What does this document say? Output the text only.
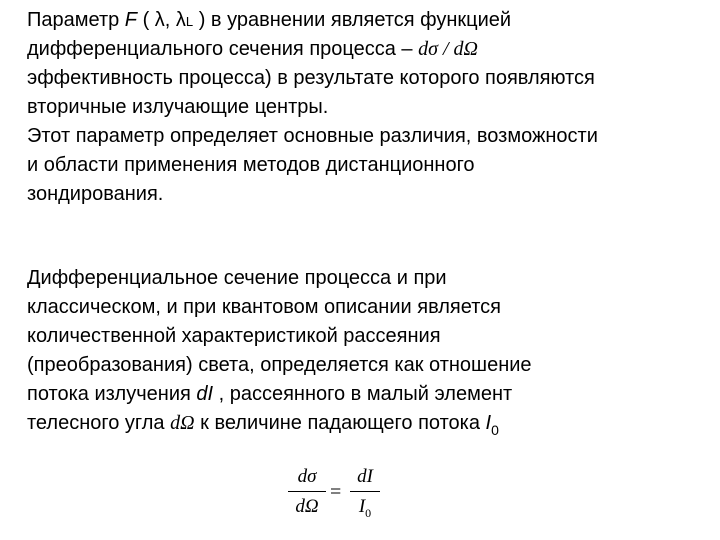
Параметр F ( λ, λL ) в уравнении является функцией
дифференциального сечения процесса – dσ / dΩ
эффективность процесса) в результате которого появляются
вторичные излучающие центры.
Этот параметр определяет основные различия, возможности
и области применения методов дистанционного
зондирования.
Дифференциальное сечение процесса и при
классическом, и при квантовом описании является
количественной характеристикой рассеяния
(преобразования) света, определяется как отношение
потока излучения dI , рассеянного в малый элемент
телесного угла dΩ к величине падающего потока $I_0$
dσ
dΩ
=
dI
$I_0$
